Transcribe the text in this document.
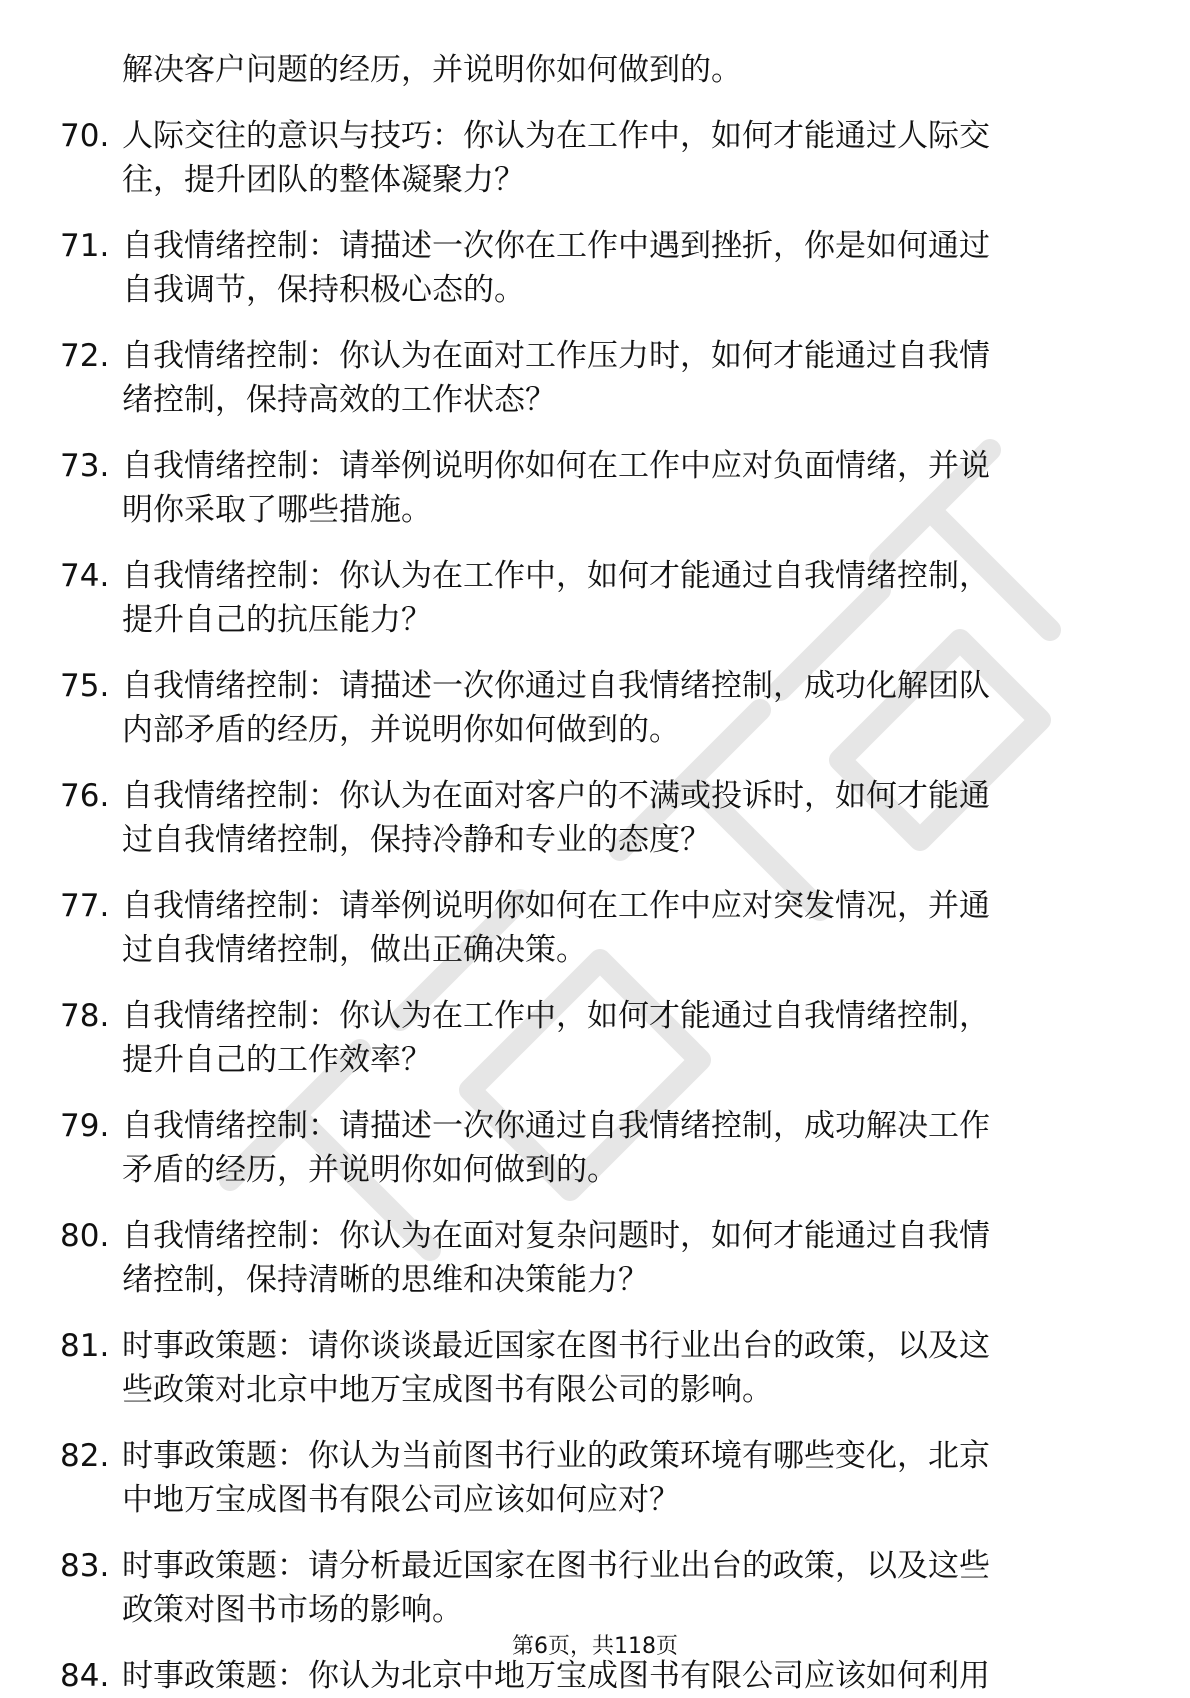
解决客户问题的经历，并说明你如何做到的。
70. 人际交往的意识与技巧：你认为在工作中，如何才能通过人际交
往，提升团队的整体凝聚力？
71. 自我情绪控制：请描述一次你在工作中遇到挫折，你是如何通过
自我调节，保持积极心态的。
72. 自我情绪控制：你认为在面对工作压力时，如何才能通过自我情
绪控制，保持高效的工作状态？
73. 自我情绪控制：请举例说明你如何在工作中应对负面情绪，并说
明你采取了哪些措施。
74. 自我情绪控制：你认为在工作中，如何才能通过自我情绪控制，
提升自己的抗压能力？
75. 自我情绪控制：请描述一次你通过自我情绪控制，成功化解团队
内部矛盾的经历，并说明你如何做到的。
76. 自我情绪控制：你认为在面对客户的不满或投诉时，如何才能通
过自我情绪控制，保持冷静和专业的态度？
77. 自我情绪控制：请举例说明你如何在工作中应对突发情况，并通
过自我情绪控制，做出正确决策。
78. 自我情绪控制：你认为在工作中，如何才能通过自我情绪控制，
提升自己的工作效率？
79. 自我情绪控制：请描述一次你通过自我情绪控制，成功解决工作
矛盾的经历，并说明你如何做到的。
80. 自我情绪控制：你认为在面对复杂问题时，如何才能通过自我情
绪控制，保持清晰的思维和决策能力？
81. 时事政策题：请你谈谈最近国家在图书行业出台的政策，以及这
些政策对北京中地万宝成图书有限公司的影响。
82. 时事政策题：你认为当前图书行业的政策环境有哪些变化，北京
中地万宝成图书有限公司应该如何应对？
83. 时事政策题：请分析最近国家在图书行业出台的政策，以及这些
政策对图书市场的影响。
84. 时事政策题：你认为北京中地万宝成图书有限公司应该如何利用
第6页，共118页
